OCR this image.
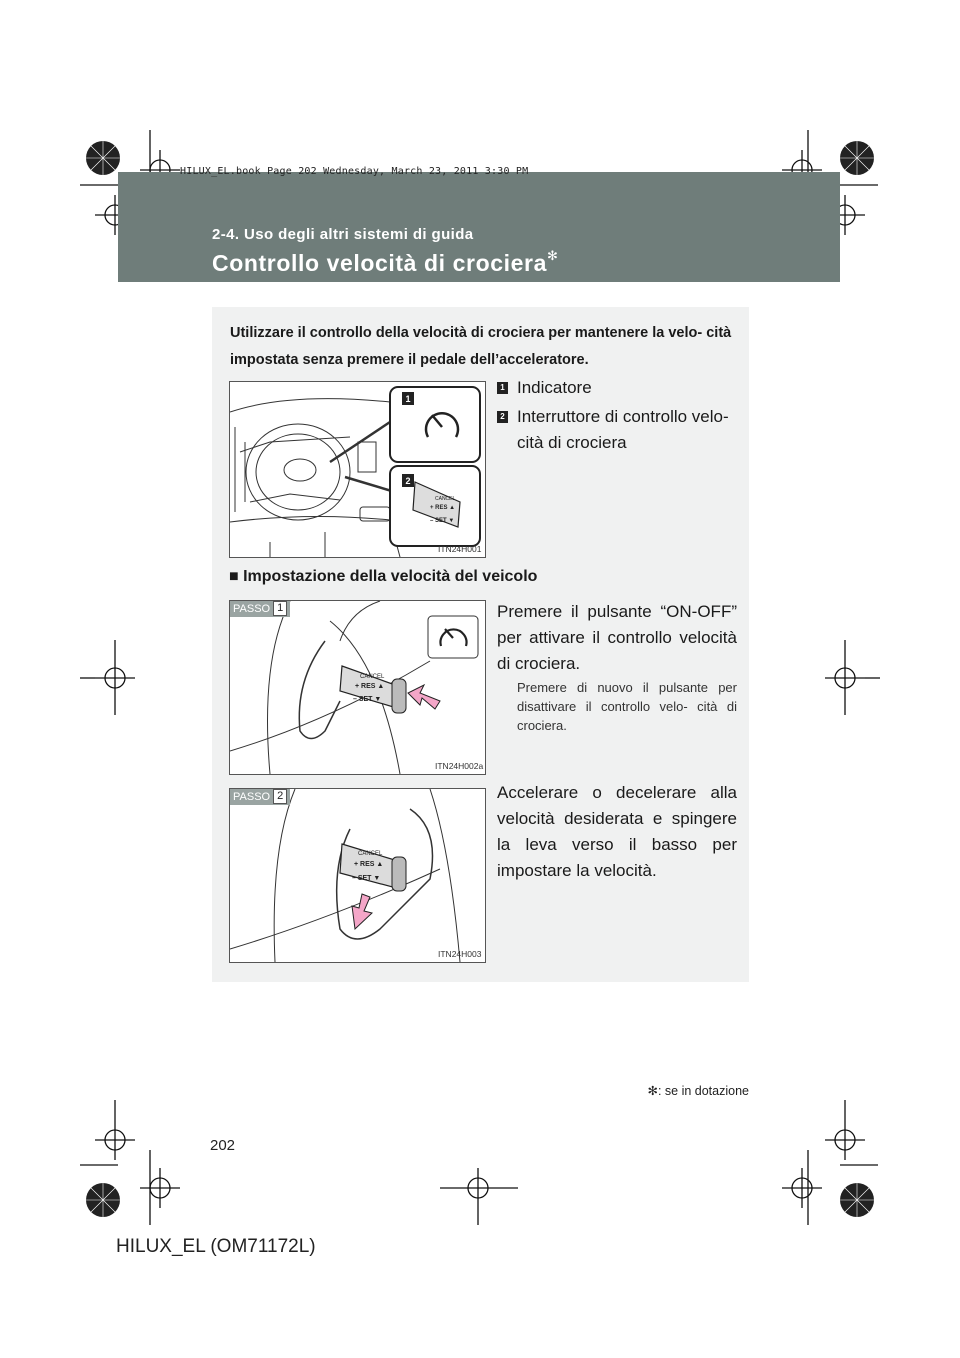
HILUX_EL.book Page 202 Wednesday, March 23, 2011 3:30 PM
2-4. Uso degli altri sistemi di guida
Controllo velocità di crociera✻
Utilizzare il controllo della velocità di crociera per mantenere la velo- cità impostata senza premere il pedale dell’acceleratore.
CANCEL
+ RES ▲
– SET ▼
1
2
ITN24H001
1 Indicatore
2 Interruttore di controllo velo- cità di crociera
■ Impostazione della velocità del veicolo
CANCEL
+ RES ▲
– SET ▼
PASSO 1
ITN24H002a
Premere il pulsante “ON-OFF” per attivare il controllo velocità di crociera.
Premere di nuovo il pulsante per disattivare il controllo velo- cità di crociera.
CANCEL
+ RES ▲
– SET ▼
PASSO 2
ITN24H003
Accelerare o decelerare alla velocità desiderata e spingere la leva verso il basso per impostare la velocità.
✻: se in dotazione
202
HILUX_EL (OM71172L)
